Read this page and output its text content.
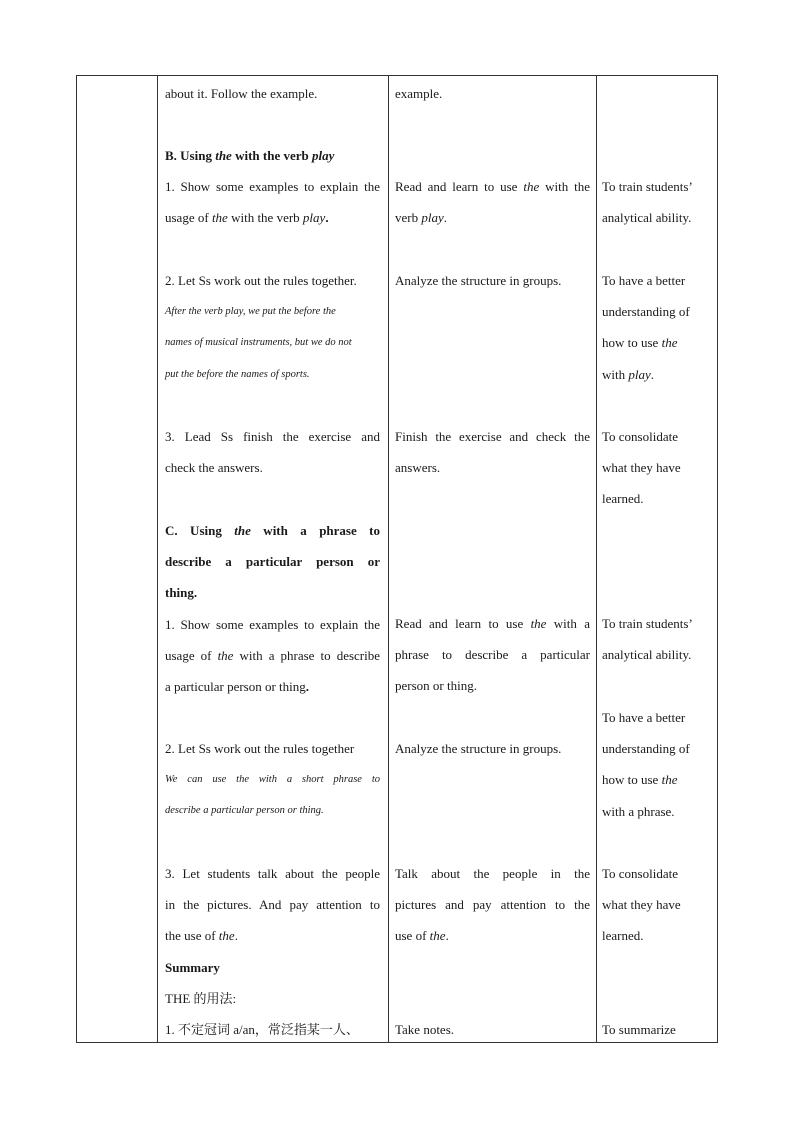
about it. Follow the example.

B. Using the with the verb play

1. Show some examples to explain the

usage of the with the verb play.

2. Let Ss work out the rules together.

After the verb play, we put the before the

names of musical instruments, but we do not

put the before the names of sports.

3. Lead Ss finish the exercise and

check the answers.

C. Using the with a phrase to

describe a particular person or

thing.

1. Show some examples to explain the

usage of the with a phrase to describe

a particular person or thing.

2. Let Ss work out the rules together

We can use the with a short phrase to

describe a particular person or thing.

3. Let students talk about the people

in the pictures. And pay attention to

the use of the.

Summary

THE 的用法:

1. 不定冠词 a/an，常泛指某一人、

example.

Read and learn to use the with the

verb play.

Analyze the structure in groups.

Finish the exercise and check the

answers.

Read and learn to use the with a

phrase to describe a particular

person or thing.

Analyze the structure in groups.

Talk about the people in the

pictures and pay attention to the

use of the.

Take notes.

To train students’

analytical ability.

To have a better

understanding of

how to use the

with play.

To consolidate

what they have

learned.

To train students’

analytical ability.

To have a better

understanding of

how to use the

with a phrase.

To consolidate

what they have

learned.

To summarize
